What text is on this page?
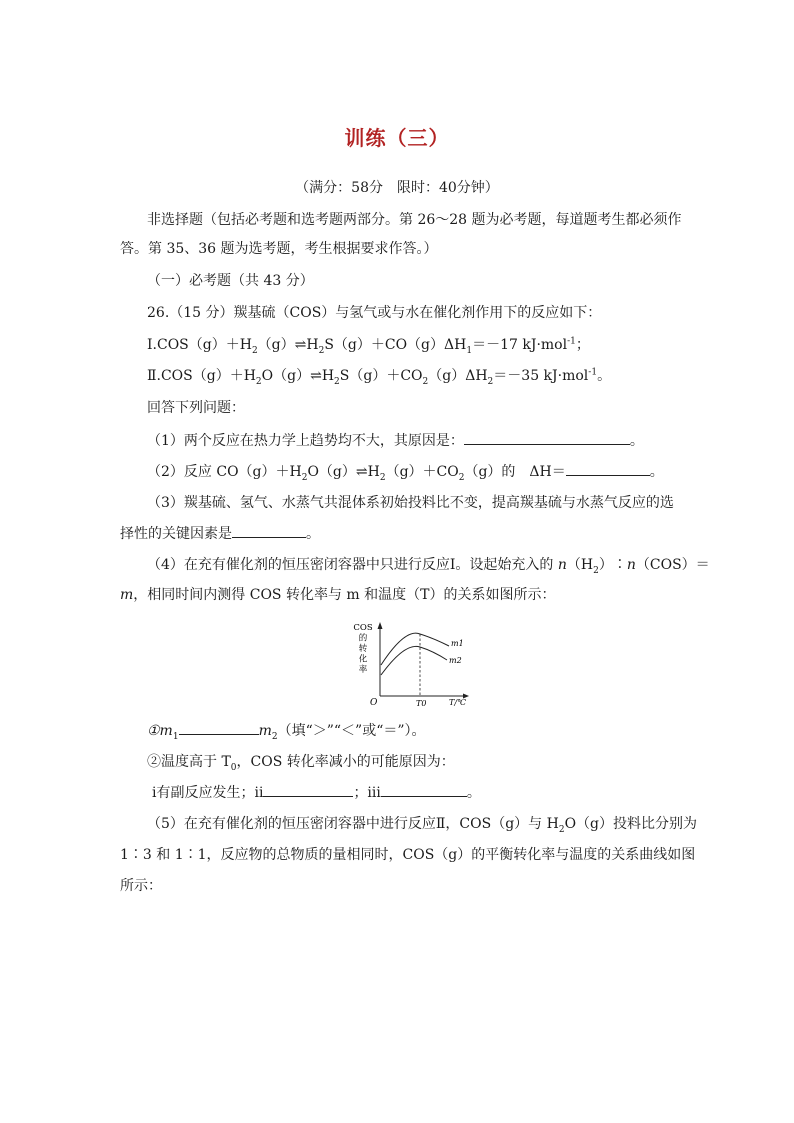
训练（三）
（满分：58分　限时：40分钟）
非选择题（包括必考题和选考题两部分。第 26～28 题为必考题，每道题考生都必须作
答。第 35、36 题为选考题，考生根据要求作答。）
（一）必考题（共 43 分）
26.（15 分）羰基硫（COS）与氢气或与水在催化剂作用下的反应如下：
$Ⅰ.COS(g)+H_2(g)\rightleftharpoons H_2S(g)+CO(g)\Delta H_1=-17$ kJ·mol$^{-1}$；
$Ⅱ.COS(g)+H_2O(g)\rightleftharpoons H_2S(g)+CO_2(g)\Delta H_2=-35$ kJ·mol$^{-1}$。
回答下列问题：
（1）两个反应在热力学上趋势均不大，其原因是：	。
（2）反应 $CO(g)+H_2O(g)\rightleftharpoons H_2(g)+CO_2(g)$的　ΔH＝	。
（3）羰基硫、氢气、水蒸气共混体系初始投料比不变，提高羰基硫与水蒸气反应的选
择性的关键因素是	。
（4）在充有催化剂的恒压密闭容器中只进行反应Ⅰ。设起始充入的 $n(H_2)∶n(COS)=$
m，相同时间内测得 COS 转化率与 m 和温度（T）的关系如图所示：
m1
m2
O	T0	T/℃
COS 的转化率
$①m_1$	$m_2$（填“＞”“＜”或“＝”）。
②温度高于 $T_0$，COS 转化率减小的可能原因为：
ⅰ有副反应发生；ⅱ	；ⅲ	。
（5）在充有催化剂的恒压密闭容器中进行反应Ⅱ，COS（g）与 $H_2O(g)$投料比分别为
1∶3 和 1∶1，反应物的总物质的量相同时，COS（g）的平衡转化率与温度的关系曲线如图
所示：
